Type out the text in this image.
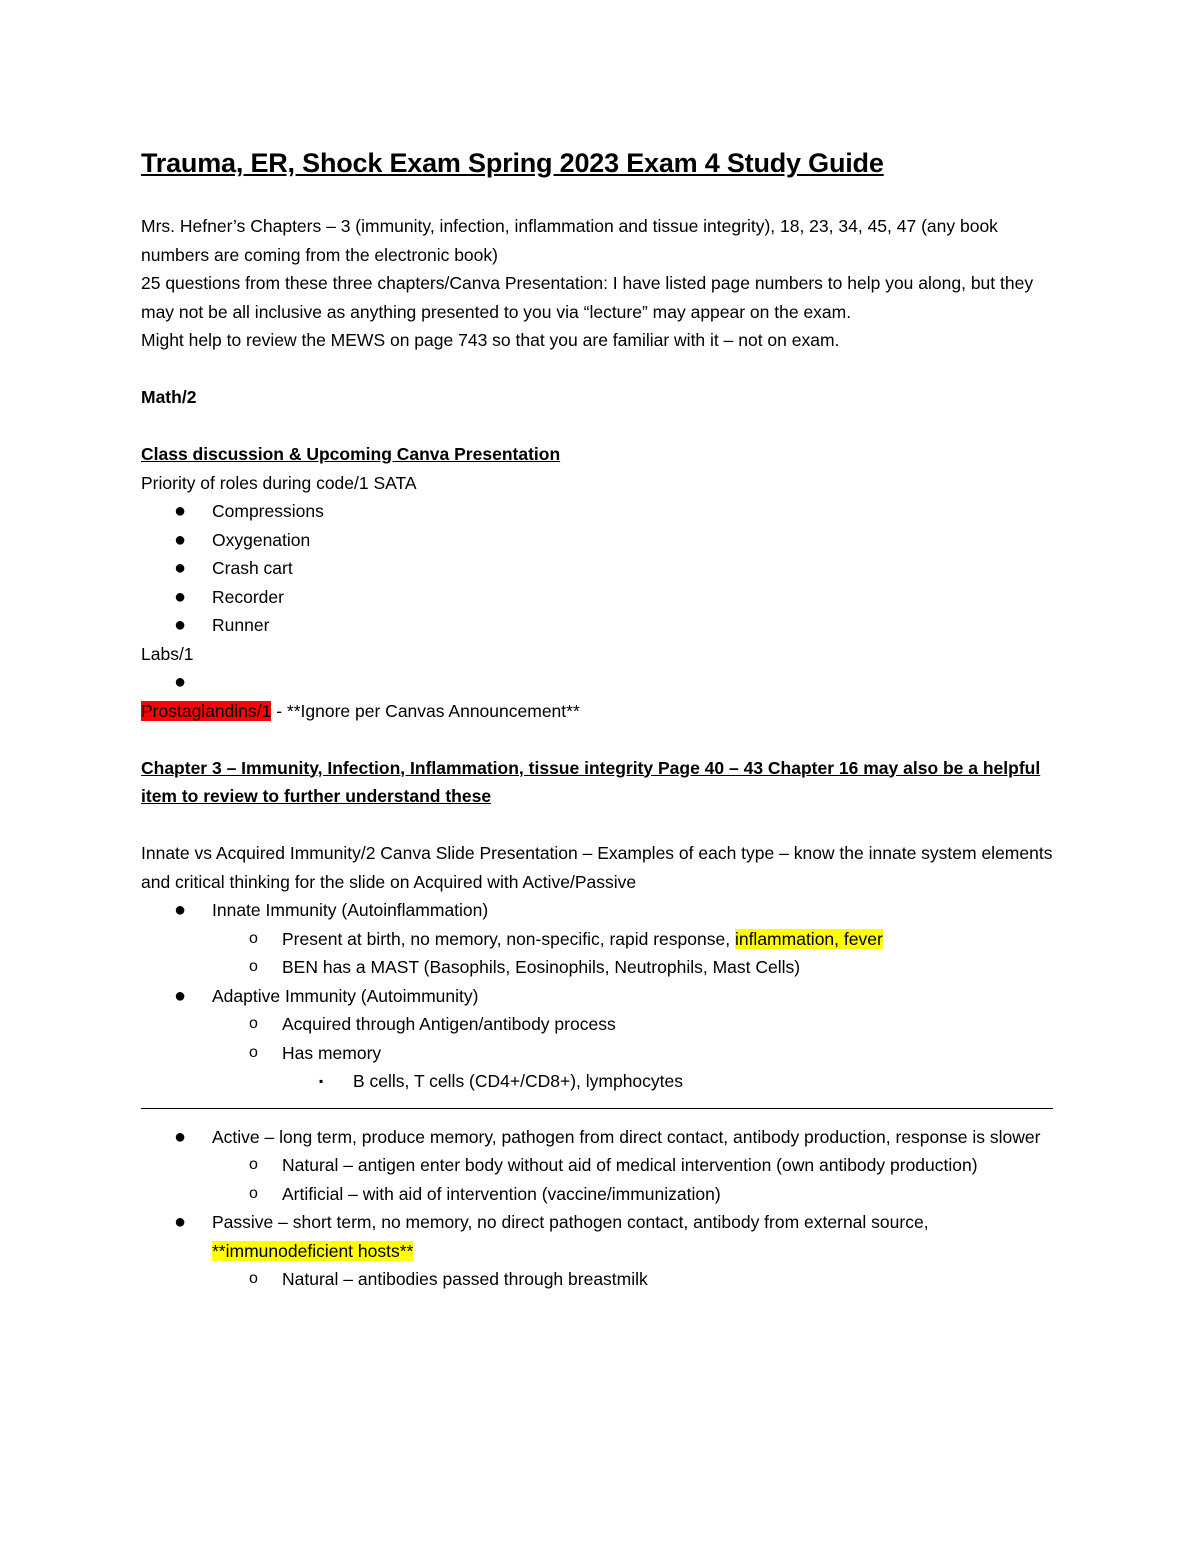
Trauma, ER, Shock Exam Spring 2023 Exam 4 Study Guide

Mrs. Hefner’s Chapters – 3 (immunity, infection, inflammation and tissue integrity), 18, 23, 34, 45, 47 (any book numbers are coming from the electronic book)

25 questions from these three chapters/Canva Presentation: I have listed page numbers to help you along, but they may not be all inclusive as anything presented to you via “lecture” may appear on the exam.

Might help to review the MEWS on page 743 so that you are familiar with it – not on exam.

Math/2

Class discussion & Upcoming Canva Presentation

Priority of roles during code/1 SATA

● Compressions
● Oxygenation
● Crash cart
● Recorder
● Runner

Labs/1

●

Prostaglandins/1 - **Ignore per Canvas Announcement**

Chapter 3 – Immunity, Infection, Inflammation, tissue integrity Page 40 – 43 Chapter 16 may also be a helpful item to review to further understand these

Innate vs Acquired Immunity/2 Canva Slide Presentation – Examples of each type – know the innate system elements and critical thinking for the slide on Acquired with Active/Passive

● Innate Immunity (Autoinflammation)
o Present at birth, no memory, non-specific, rapid response, inflammation, fever
o BEN has a MAST (Basophils, Eosinophils, Neutrophils, Mast Cells)
● Adaptive Immunity (Autoimmunity)
o Acquired through Antigen/antibody process
o Has memory
▪ B cells, T cells (CD4+/CD8+), lymphocytes
● Active – long term, produce memory, pathogen from direct contact, antibody production, response is slower
o Natural – antigen enter body without aid of medical intervention (own antibody production)
o Artificial – with aid of intervention (vaccine/immunization)
● Passive – short term, no memory, no direct pathogen contact, antibody from external source, **immunodeficient hosts**
o Natural – antibodies passed through breastmilk
